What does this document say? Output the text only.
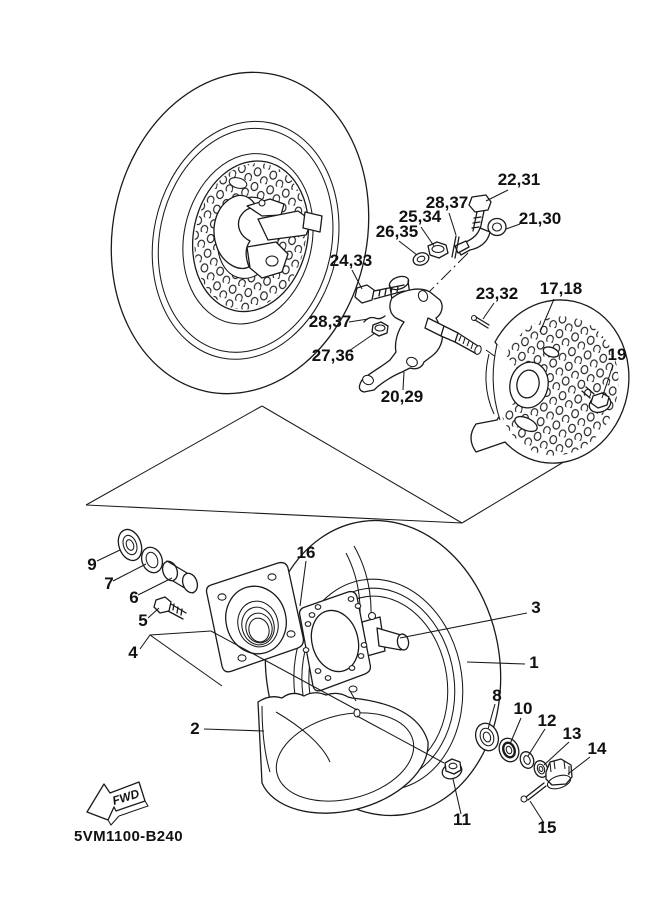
22,31
28,37
25,34
26,35
21,30
24,33
23,32 17,18
19
28,37
27,36
20,29
9
7
6
5
4
16
3
1
2
8
10
12
13
14
11	15
FWD
5VM1100-B240
